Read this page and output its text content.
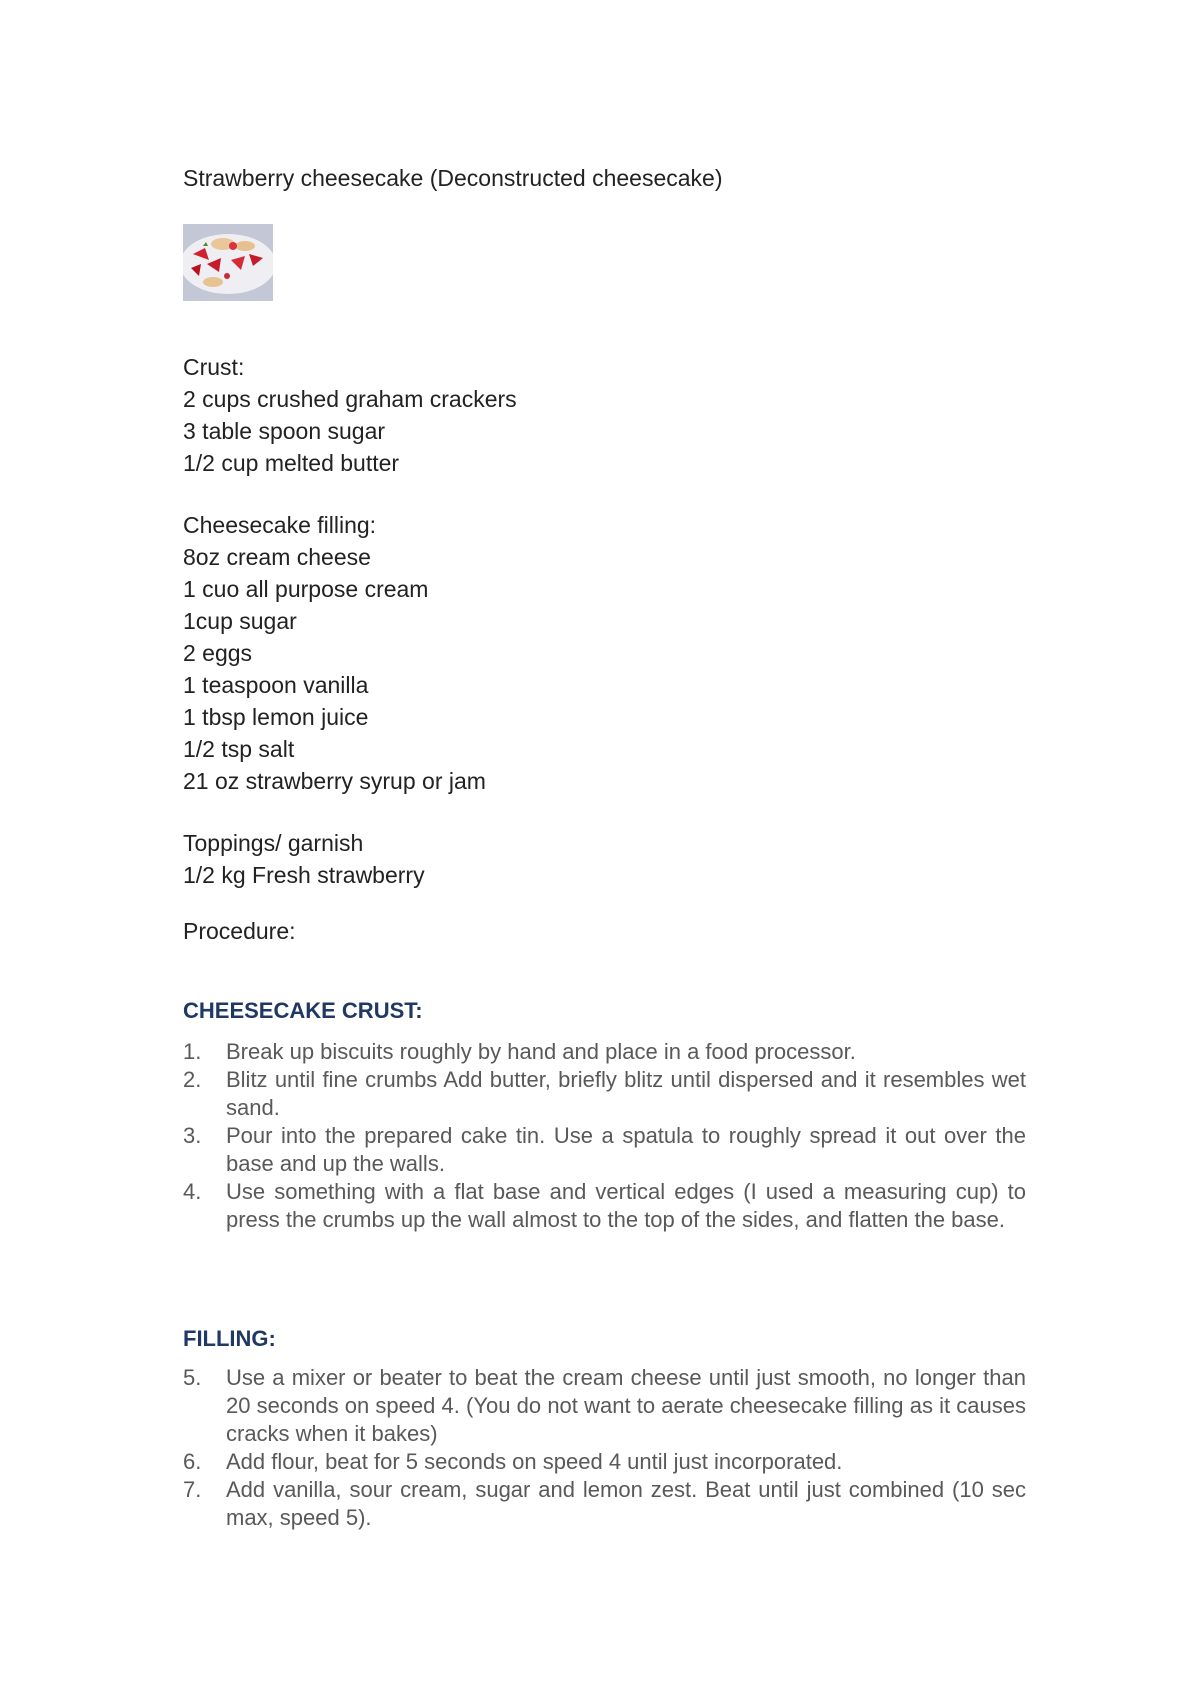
Strawberry cheesecake (Deconstructed cheesecake)
Crust:
2 cups crushed graham crackers
3 table spoon sugar
1/2 cup melted butter
Cheesecake filling:
8oz cream cheese
1 cuo all purpose cream
1cup sugar
2 eggs
1 teaspoon vanilla
1 tbsp lemon juice
1/2 tsp salt
21 oz strawberry syrup or jam
Toppings/ garnish
1/2 kg Fresh strawberry
Procedure:
CHEESECAKE CRUST:
1. Break up biscuits roughly by hand and place in a food processor.
2. Blitz until fine crumbs Add butter, briefly blitz until dispersed and it resembles wet sand.
3. Pour into the prepared cake tin. Use a spatula to roughly spread it out over the base and up the walls.
4. Use something with a flat base and vertical edges (I used a measuring cup) to press the crumbs up the wall almost to the top of the sides, and flatten the base.
FILLING:
5. Use a mixer or beater to beat the cream cheese until just smooth, no longer than 20 seconds on speed 4. (You do not want to aerate cheesecake filling as it causes cracks when it bakes)
6. Add flour, beat for 5 seconds on speed 4 until just incorporated.
7. Add vanilla, sour cream, sugar and lemon zest. Beat until just combined (10 sec max, speed 5).
